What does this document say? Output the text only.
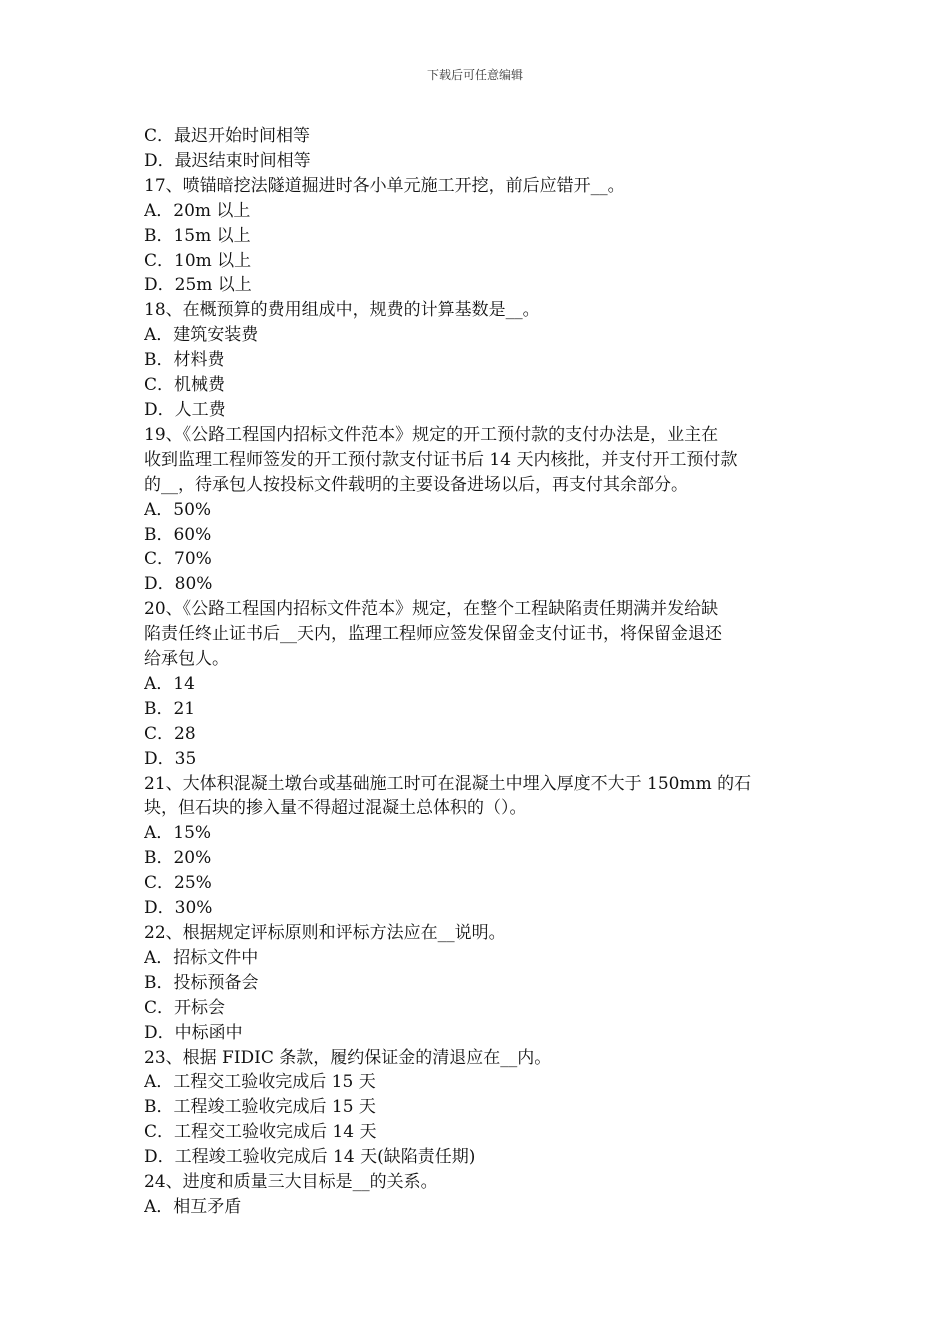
下载后可任意编辑
C．最迟开始时间相等
D．最迟结束时间相等
17、喷锚暗挖法隧道掘进时各小单元施工开挖，前后应错开__。
A．20m 以上
B．15m 以上
C．10m 以上
D．25m 以上
18、在概预算的费用组成中，规费的计算基数是__。
A．建筑安装费
B．材料费
C．机械费
D．人工费
19、《公路工程国内招标文件范本》规定的开工预付款的支付办法是，业主在
收到监理工程师签发的开工预付款支付证书后 14 天内核批，并支付开工预付款
的__，待承包人按投标文件载明的主要设备进场以后，再支付其余部分。
A．50%
B．60%
C．70%
D．80%
20、《公路工程国内招标文件范本》规定，在整个工程缺陷责任期满并发给缺
陷责任终止证书后__天内，监理工程师应签发保留金支付证书，将保留金退还
给承包人。
A．14
B．21
C．28
D．35
21、大体积混凝土墩台或基础施工时可在混凝土中埋入厚度不大于 150mm 的石
块，但石块的掺入量不得超过混凝土总体积的（）。
A．15%
B．20%
C．25%
D．30%
22、根据规定评标原则和评标方法应在__说明。
A．招标文件中
B．投标预备会
C．开标会
D．中标函中
23、根据 FIDIC 条款，履约保证金的清退应在__内。
A．工程交工验收完成后 15 天
B．工程竣工验收完成后 15 天
C．工程交工验收完成后 14 天
D．工程竣工验收完成后 14 天(缺陷责任期)
24、进度和质量三大目标是__的关系。
A．相互矛盾
